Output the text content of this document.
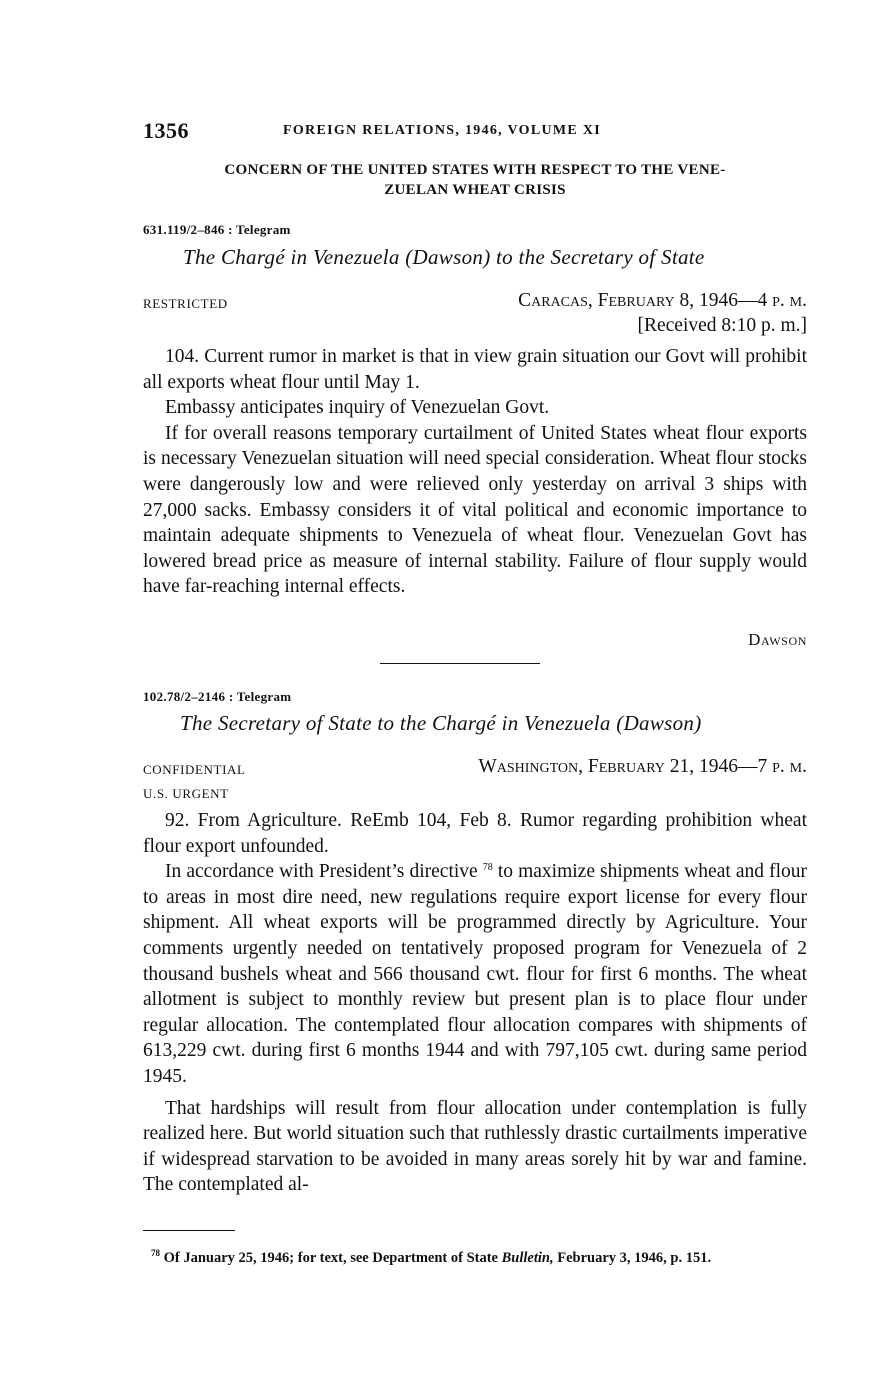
1356	FOREIGN RELATIONS, 1946, VOLUME XI
CONCERN OF THE UNITED STATES WITH RESPECT TO THE VENE-
ZUELAN WHEAT CRISIS
631.119/2–846 : Telegram
The Chargé in Venezuela (Dawson) to the Secretary of State
RESTRICTED	Caracas, February 8, 1946—4 p. m.
[Received 8:10 p. m.]

104. Current rumor in market is that in view grain situation our Govt will prohibit all exports wheat flour until May 1.

Embassy anticipates inquiry of Venezuelan Govt.

If for overall reasons temporary curtailment of United States wheat flour exports is necessary Venezuelan situation will need special consideration. Wheat flour stocks were dangerously low and were relieved only yesterday on arrival 3 ships with 27,000 sacks. Embassy considers it of vital political and economic importance to maintain adequate shipments to Venezuela of wheat flour. Venezuelan Govt has lowered bread price as measure of internal stability. Failure of flour supply would have far-reaching internal effects.

Dawson
102.78/2–2146 : Telegram
The Secretary of State to the Chargé in Venezuela (Dawson)
CONFIDENTIAL
U.S. URGENT
Washington, February 21, 1946—7 p. m.

92. From Agriculture. ReEmb 104, Feb 8. Rumor regarding prohibition wheat flour export unfounded.

In accordance with President’s directive $^{78}$ to maximize shipments wheat and flour to areas in most dire need, new regulations require export license for every flour shipment. All wheat exports will be programmed directly by Agriculture. Your comments urgently needed on tentatively proposed program for Venezuela of 2 thousand bushels wheat and 566 thousand cwt. flour for first 6 months. The wheat allotment is subject to monthly review but present plan is to place flour under regular allocation. The contemplated flour allocation compares with shipments of 613,229 cwt. during first 6 months 1944 and with 797,105 cwt. during same period 1945.

That hardships will result from flour allocation under contemplation is fully realized here. But world situation such that ruthlessly drastic curtailments imperative if widespread starvation to be avoided in many areas sorely hit by war and famine. The contemplated al-

$^{78}$ Of January 25, 1946; for text, see Department of State Bulletin, February 3, 1946, p. 151.
